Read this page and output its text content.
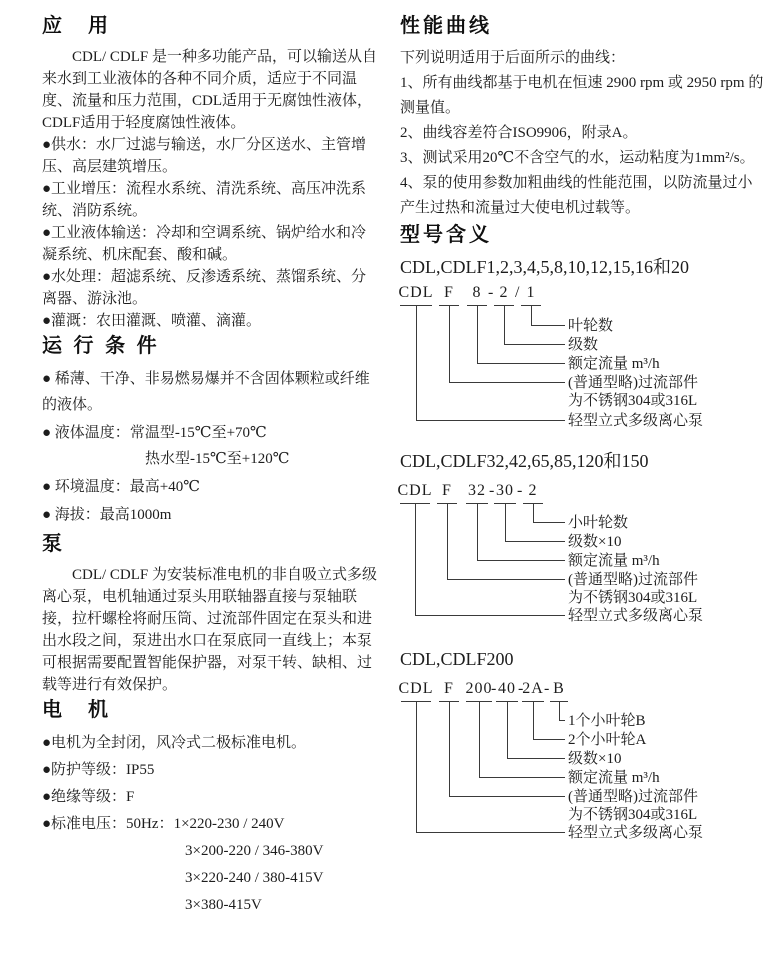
应　用

CDL/ CDLF 是一种多功能产品，可以输送从自来水到工业液体的各种不同介质，适应于不同温度、流量和压力范围，CDL适用于无腐蚀性液体，CDLF适用于轻度腐蚀性液体。

●供水：水厂过滤与输送，水厂分区送水、主管增压、高层建筑增压。

●工业增压：流程水系统、清洗系统、高压冲洗系统、消防系统。

●工业液体输送：冷却和空调系统、锅炉给水和冷凝系统、机床配套、酸和碱。

●水处理：超滤系统、反渗透系统、蒸馏系统、分离器、游泳池。

●灌溉：农田灌溉、喷灌、滴灌。

运 行 条 件

● 稀薄、干净、非易燃易爆并不含固体颗粒或纤维的液体。

● 液体温度：常温型-15℃至+70℃

热水型-15℃至+120℃

● 环境温度：最高+40℃

● 海拔：最高1000m

泵

CDL/ CDLF 为安装标准电机的非自吸立式多级离心泵，电机轴通过泵头用联轴器直接与泵轴联接，拉杆螺栓将耐压筒、过流部件固定在泵头和进出水段之间，泵进出水口在泵底同一直线上；本泵可根据需要配置智能保护器，对泵干转、缺相、过载等进行有效保护。

电　机

●电机为全封闭，风冷式二极标准电机。

●防护等级：IP55

●绝缘等级：F

●标准电压：50Hz：1×220-230 / 240V

3×200-220 / 346-380V

3×220-240 / 380-415V

3×380-415V

性能曲线

下列说明适用于后面所示的曲线：

1、所有曲线都基于电机在恒速 2900 rpm 或 2950 rpm 的测量值。

2、曲线容差符合ISO9906，附录A。

3、测试采用20℃不含空气的水，运动粘度为1mm²/s。

4、泵的使用参数加粗曲线的性能范围，以防流量过小产生过热和流量过大使电机过载等。

型号含义

CDL,CDLF1,2,3,4,5,8,10,12,15,16和20

CDL F 8 - 2 / 1
叶轮数
级数
额定流量 m³/h
(普通型略)过流部件
为不锈钢304或316L
轻型立式多级离心泵

CDL,CDLF32,42,65,85,120和150

CDL F 32 - 30 - 2
小叶轮数
级数×10
额定流量 m³/h
(普通型略)过流部件
为不锈钢304或316L
轻型立式多级离心泵

CDL,CDLF200

CDL F 200
- 40 -
2A - B
1个小叶轮B
2个小叶轮A
级数×10
额定流量 m³/h
(普通型略)过流部件
为不锈钢304或316L
轻型立式多级离心泵
